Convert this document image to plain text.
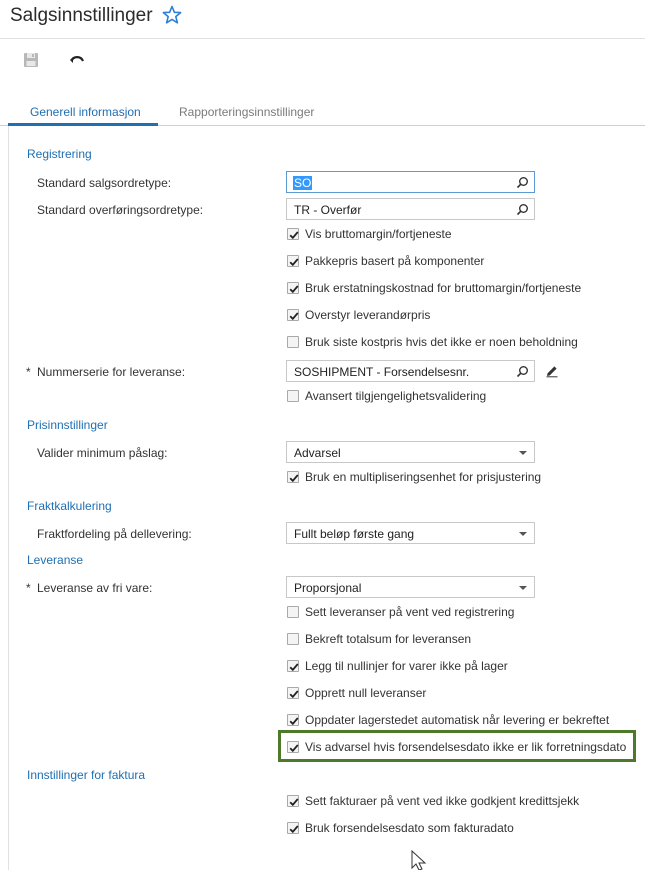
Salgsinnstillinger
Generell informasjon	Rapporteringsinnstillinger
Registrering
Standard salgsordretype:	SO
Standard overføringsordretype:	TR - Overfør
Vis bruttomargin/fortjeneste
Pakkepris basert på komponenter
Bruk erstatningskostnad for bruttomargin/fortjeneste
Overstyr leverandørpris
Bruk siste kostpris hvis det ikke er noen beholdning
* Nummerserie for leveranse:	SOSHIPMENT - Forsendelsesnr.
Avansert tilgjengelighetsvalidering
Prisinnstillinger
Valider minimum påslag:	Advarsel
Bruk en multipliseringsenhet for prisjustering
Fraktkalkulering
Fraktfordeling på dellevering:	Fullt beløp første gang
Leveranse
* Leveranse av fri vare:	Proporsjonal
Sett leveranser på vent ved registrering
Bekreft totalsum for leveransen
Legg til nullinjer for varer ikke på lager
Opprett null leveranser
Oppdater lagerstedet automatisk når levering er bekreftet
Vis advarsel hvis forsendelsesdato ikke er lik forretningsdato
Innstillinger for faktura
Sett fakturaer på vent ved ikke godkjent kredittsjekk
Bruk forsendelsesdato som fakturadato
